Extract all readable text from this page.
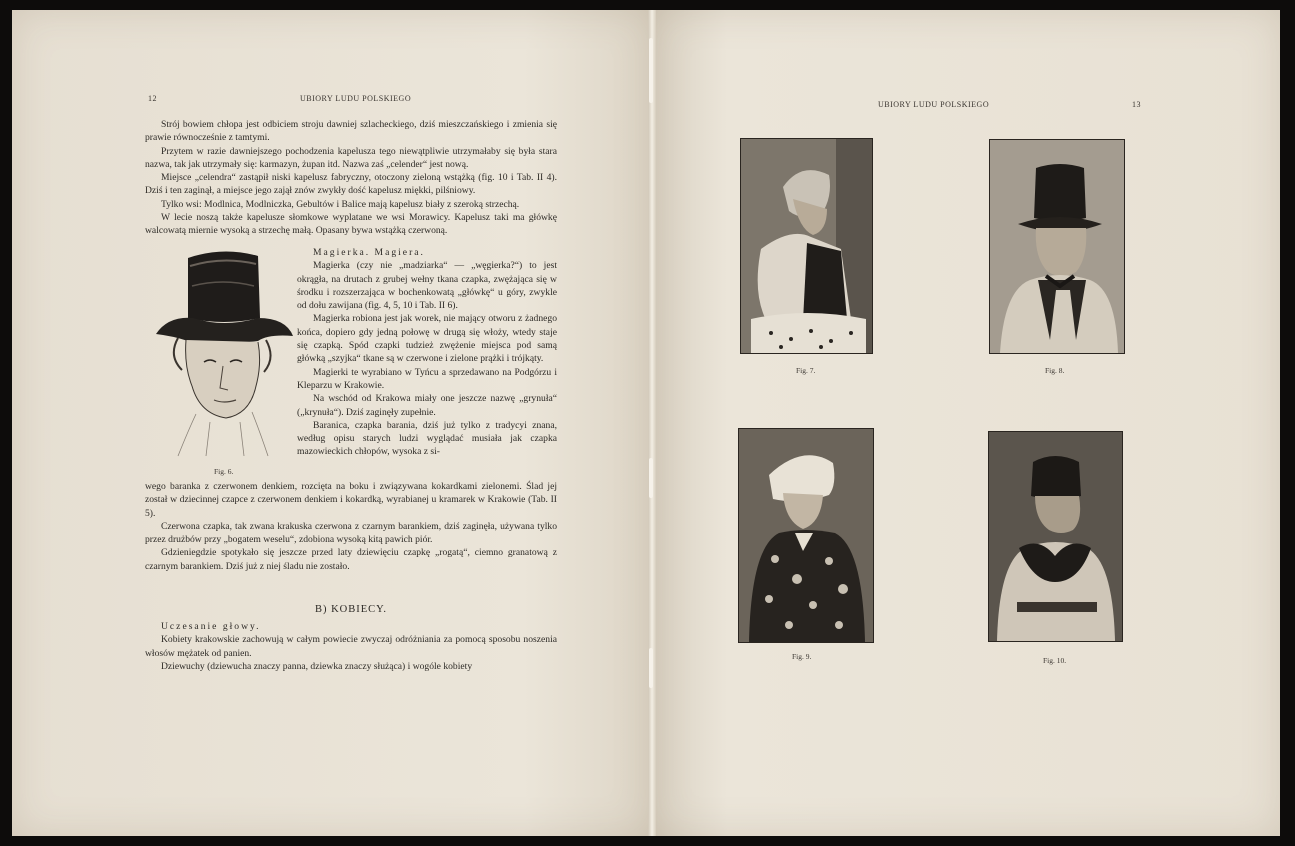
12	UBIORY LUDU POLSKIEGO

Strój bowiem chłopa jest odbiciem stroju dawniej szlacheckiego, dziś mieszczańskiego i zmienia się prawie równocześnie z tamtymi.

Przytem w razie dawniejszego pochodzenia kapelusza tego niewątpliwie utrzymałaby się była stara nazwa, tak jak utrzymały się: karmazyn, żupan itd. Nazwa zaś „celender“ jest nową.

Miejsce „celendra“ zastąpił niski kapelusz fabryczny, otoczony zieloną wstążką (fig. 10 i Tab. II 4). Dziś i ten zaginął, a miejsce jego zajął znów zwykły dość kapelusz miękki, pilśniowy.

Tylko wsi: Modlnica, Modlniczka, Gebultów i Balice mają kapelusz biały z szeroką strzechą.

W lecie noszą także kapelusze słomkowe wyplatane we wsi Morawicy. Kapelusz taki ma główkę walcowatą miernie wysoką a strzechę małą. Opasany bywa wstążką czerwoną.

Magierka. Magiera.

Magierka (czy nie „madziarka“ — „węgierka?“) to jest okrągła, na drutach z grubej wełny tkana czapka, zwężająca się w środku i rozszerzająca w bochenkowatą „główkę“ u góry, zwykle od dołu zawijana (fig. 4, 5, 10 i Tab. II 6).

Magierka robiona jest jak worek, nie mający otworu z żadnego końca, dopiero gdy jedną połowę w drugą się włoży, wtedy staje się czapką. Spód czapki tudzież zwężenie miejsca pod samą główką „szyjka“ tkane są w czerwone i zielone prążki i trójkąty.

Magierki te wyrabiano w Tyńcu a sprzedawano na Podgórzu i Kleparzu w Krakowie.

Na wschód od Krakowa miały one jeszcze nazwę „grynuła“ („krynuła“). Dziś zaginęły zupełnie.

Baranica, czapka barania, dziś już tylko z tradycyi znana, według opisu starych ludzi wyglądać musiała jak czapka mazowieckich chłopów, wysoka z si-

Fig. 6.

wego baranka z czerwonem denkiem, rozcięta na boku i związywana kokardkami zielonemi. Ślad jej został w dziecinnej czapce z czerwonem denkiem i kokardką, wyrabianej u kramarek w Krakowie (Tab. II 5).

Czerwona czapka, tak zwana krakuska czerwona z czarnym barankiem, dziś zaginęła, używana tylko przez drużbów przy „bogatem weselu“, zdobiona wysoką kitą pawich piór.

Gdzieniegdzie spotykało się jeszcze przed laty dziewięciu czapkę „rogatą“, ciemno granatową z czarnym barankiem. Dziś już z niej śladu nie zostało.

B) KOBIECY.

Uczesanie głowy.

Kobiety krakowskie zachowują w całym powiecie zwyczaj odróżniania za pomocą sposobu noszenia włosów mężatek od panien.

Dziewuchy (dziewucha znaczy panna, dziewka znaczy służąca) i wogóle kobiety

UBIORY LUDU POLSKIEGO	13
Fig. 7.	Fig. 8.
Fig. 9.	Fig. 10.
